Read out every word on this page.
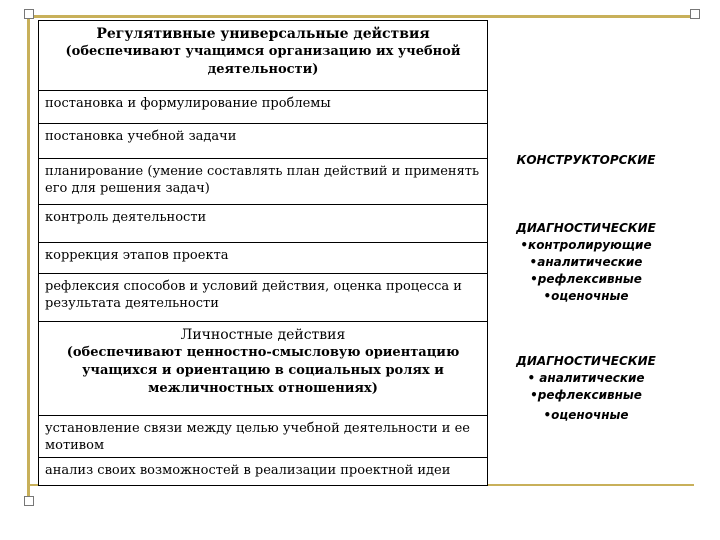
Регулятивные универсальные действия
(обеспечивают учащимся организацию их учебной деятельности)
постановка и формулирование проблемы
постановка учебной задачи
планирование (умение составлять план действий и применять его для решения задач)
контроль деятельности
коррекция этапов проекта
рефлексия способов и условий действия, оценка процесса и результата деятельности
Личностные действия
(обеспечивают ценностно-смысловую ориентацию учащихся и ориентацию в социальных ролях и межличностных отношениях)
установление связи между целью учебной деятельности и ее мотивом
анализ своих возможностей в реализации проектной идеи
КОНСТРУКТОРСКИЕ
ДИАГНОСТИЧЕСКИЕ
•контролирующие
•аналитические
•рефлексивные
•оценочные
ДИАГНОСТИЧЕСКИЕ
• аналитические
•рефлексивные
•оценочные
